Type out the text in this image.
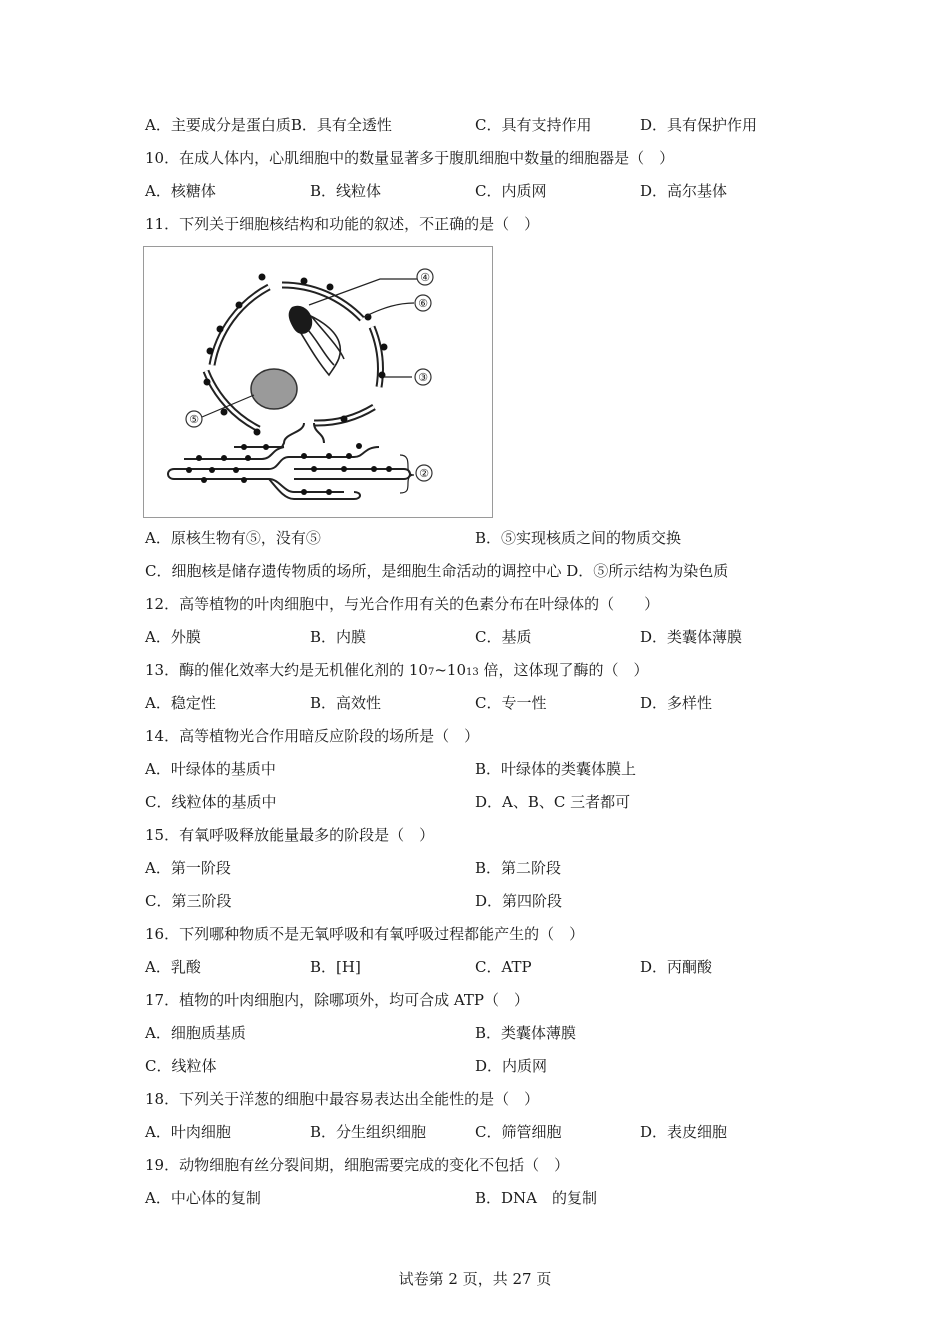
A．主要成分是蛋白质B．具有全透性	C．具有支持作用	D．具有保护作用
10．在成人体内，心肌细胞中的数量显著多于腹肌细胞中数量的细胞器是（　）
A．核糖体	B．线粒体	C．内质网	D．高尔基体
11．下列关于细胞核结构和功能的叙述，不正确的是（　）
④
⑥
③
⑤
②
A．原核生物有⑤，没有⑤	B．⑤实现核质之间的物质交换
C．细胞核是储存遗传物质的场所，是细胞生命活动的调控中心 D．⑤所示结构为染色质
12．高等植物的叶肉细胞中，与光合作用有关的色素分布在叶绿体的（　　）
A．外膜	B．内膜	C．基质	D．类囊体薄膜
13．酶的催化效率大约是无机催化剂的 107~1013 倍，这体现了酶的（　）
A．稳定性	B．高效性	C．专一性	D．多样性
14．高等植物光合作用暗反应阶段的场所是（　）
A．叶绿体的基质中	B．叶绿体的类囊体膜上
C．线粒体的基质中	D．A、B、C 三者都可
15．有氧呼吸释放能量最多的阶段是（　）
A．第一阶段	B．第二阶段
C．第三阶段	D．第四阶段
16．下列哪种物质不是无氧呼吸和有氧呼吸过程都能产生的（　）
A．乳酸	B．[H]	C．ATP	D．丙酮酸
17．植物的叶肉细胞内，除哪项外，均可合成 ATP（　）
A．细胞质基质	B．类囊体薄膜
C．线粒体	D．内质网
18．下列关于洋葱的细胞中最容易表达出全能性的是（　）
A．叶肉细胞	B．分生组织细胞	C．筛管细胞	D．表皮细胞
19．动物细胞有丝分裂间期，细胞需要完成的变化不包括（　）
A．中心体的复制	B．DNA　的复制
试卷第 2 页，共 27 页
